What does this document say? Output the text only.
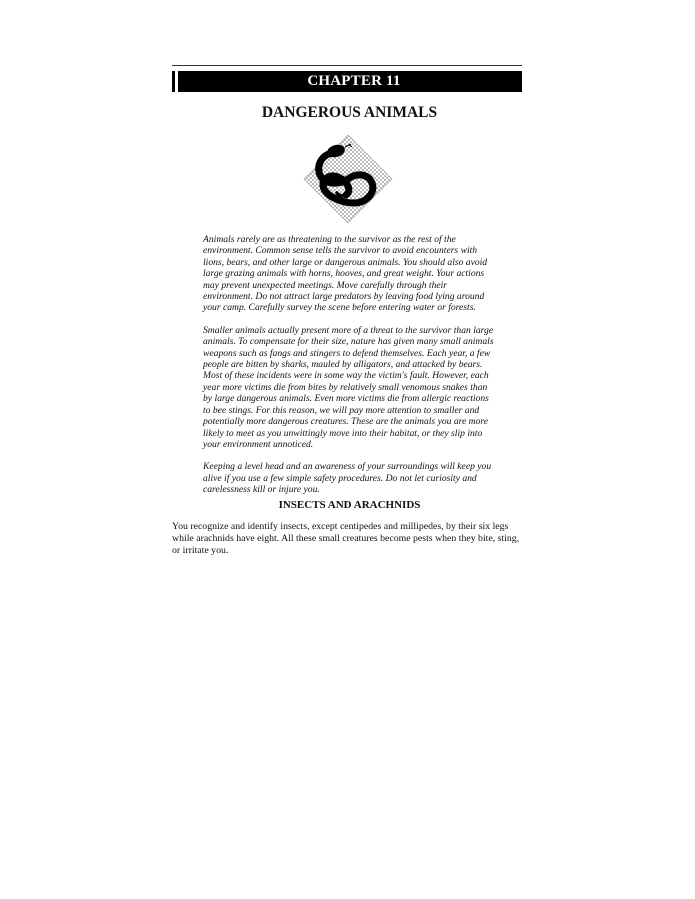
CHAPTER 11
DANGEROUS ANIMALS

Animals rarely are as threatening to the survivor as the rest of the environment. Common sense tells the survivor to avoid encounters with lions, bears, and other large or dangerous animals. You should also avoid large grazing animals with horns, hooves, and great weight. Your actions may prevent unexpected meetings. Move carefully through their environment. Do not attract large predators by leaving food lying around your camp. Carefully survey the scene before entering water or forests.

Smaller animals actually present more of a threat to the survivor than large animals. To compensate for their size, nature has given many small animals weapons such as fangs and stingers to defend themselves. Each year, a few people are bitten by sharks, mauled by alligators, and attacked by bears. Most of these incidents were in some way the victim's fault. However, each year more victims die from bites by relatively small venomous snakes than by large dangerous animals. Even more victims die from allergic reactions to bee stings. For this reason, we will pay more attention to smaller and potentially more dangerous creatures. These are the animals you are more likely to meet as you unwittingly move into their habitat, or they slip into your environment unnoticed.

Keeping a level head and an awareness of your surroundings will keep you alive if you use a few simple safety procedures. Do not let curiosity and carelessness kill or injure you.

INSECTS AND ARACHNIDS

You recognize and identify insects, except centipedes and millipedes, by their six legs while arachnids have eight. All these small creatures become pests when they bite, sting, or irritate you.
